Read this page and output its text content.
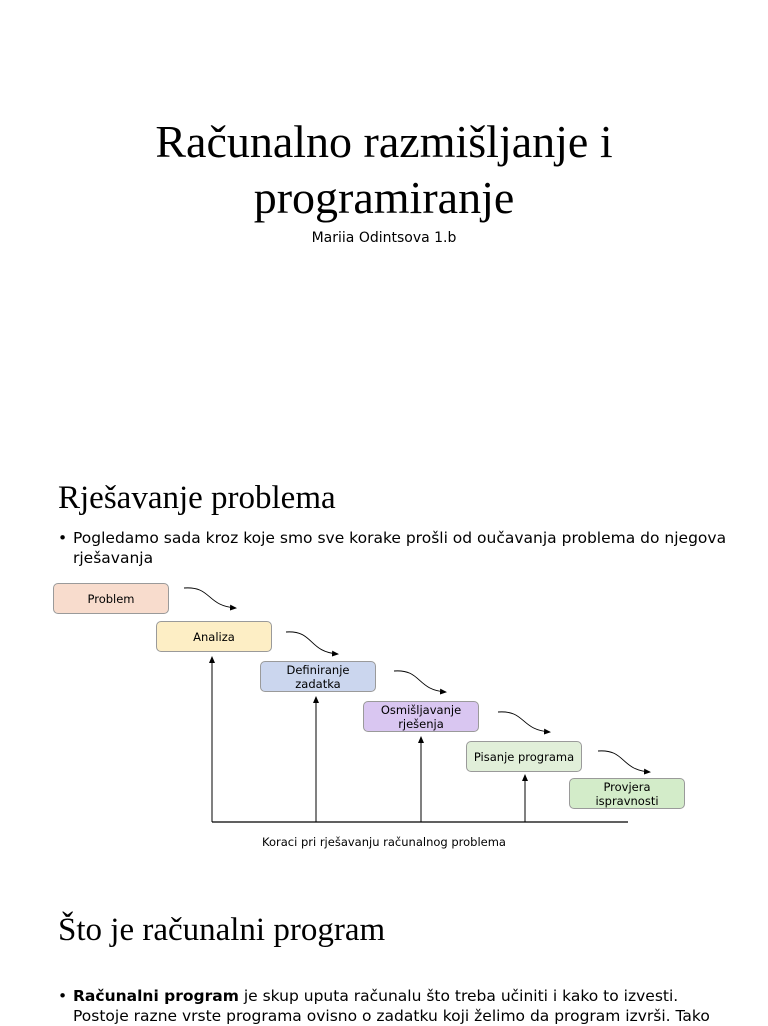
Računalno razmišljanje i
programiranje
Mariia Odintsova 1.b
Rješavanje problema
• Pogledamo sada kroz koje smo sve korake prošli od oučavanja problema do njegova rješavanja
Problem
Analiza
Definiranje zadatka
Osmišljavanje rješenja
Pisanje programa
Provjera ispravnosti
Koraci pri rješavanju računalnog problema
Što je računalni program
• Računalni program je skup uputa računalu što treba učiniti i kako to izvesti. Postoje razne vrste programa ovisno o zadatku koji želimo da program izvrši. Tako
